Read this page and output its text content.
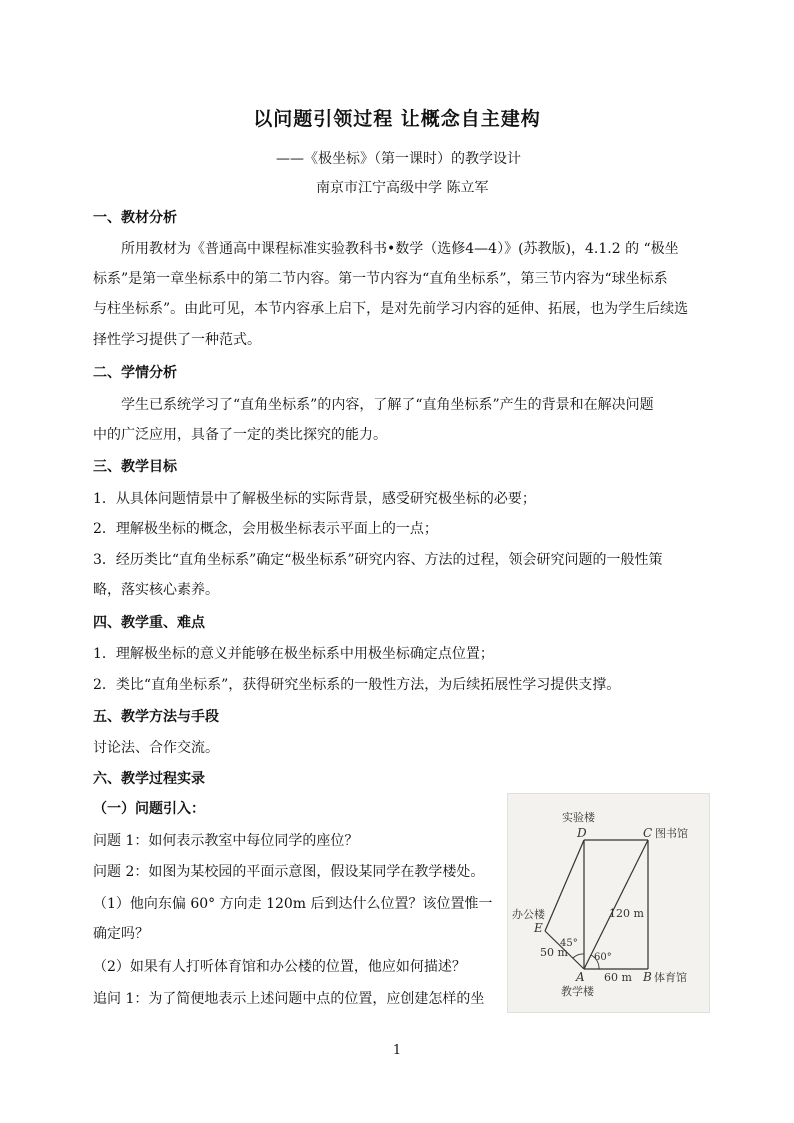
以问题引领过程 让概念自主建构
——《极坐标》（第一课时）的教学设计
南京市江宁高级中学 陈立军
一、教材分析
所用教材为《普通高中课程标准实验教科书•数学（选修4—4）》(苏教版)，4.1.2 的 “极坐
标系”是第一章坐标系中的第二节内容。第一节内容为“直角坐标系”，第三节内容为“球坐标系
与柱坐标系”。由此可见，本节内容承上启下，是对先前学习内容的延伸、拓展，也为学生后续选
择性学习提供了一种范式。
二、学情分析
学生已系统学习了“直角坐标系”的内容，了解了“直角坐标系”产生的背景和在解决问题
中的广泛应用，具备了一定的类比探究的能力。
三、教学目标
1．从具体问题情景中了解极坐标的实际背景，感受研究极坐标的必要；
2．理解极坐标的概念，会用极坐标表示平面上的一点；
3．经历类比“直角坐标系”确定“极坐标系”研究内容、方法的过程，领会研究问题的一般性策
略，落实核心素养。
四、教学重、难点
1．理解极坐标的意义并能够在极坐标系中用极坐标确定点位置；
2．类比“直角坐标系”，获得研究坐标系的一般性方法，为后续拓展性学习提供支撑。
五、教学方法与手段
讨论法、合作交流。
六、教学过程实录
（一）问题引入：
问题 1：如何表示教室中每位同学的座位？
问题 2：如图为某校园的平面示意图，假设某同学在教学楼处。
（1）他向东偏 60° 方向走 120m 后到达什么位置？该位置惟一
确定吗？
（2）如果有人打听体育馆和办公楼的位置，他应如何描述？
追问 1：为了简便地表示上述问题中点的位置，应创建怎样的坐
实验楼
D	C 图书馆
办公楼
E
120 m
45°
50 m	60°
A 60 m B 体育馆
教学楼
1
